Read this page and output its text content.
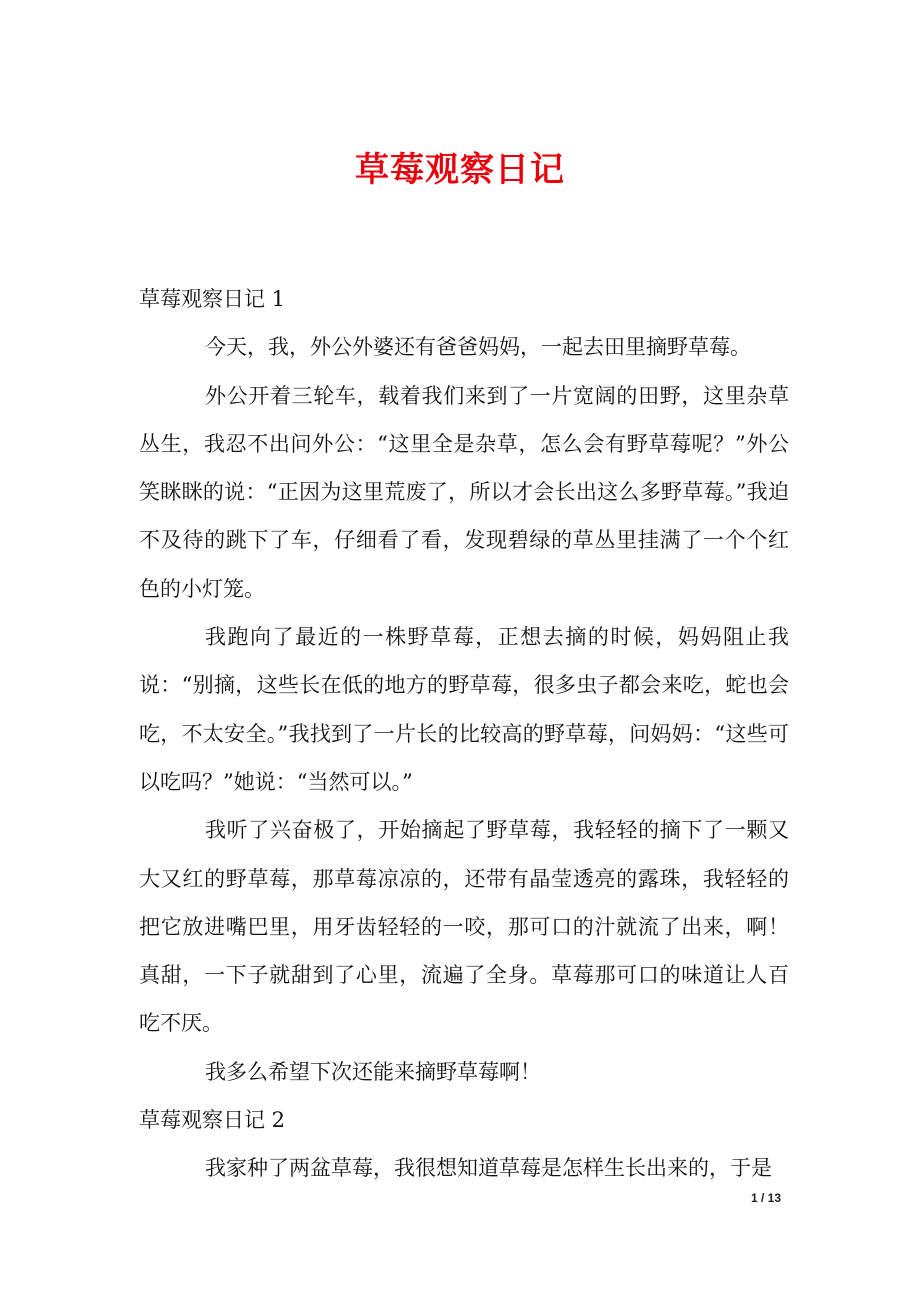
草莓观察日记

草莓观察日记 1

今天，我，外公外婆还有爸爸妈妈，一起去田里摘野草莓。

外公开着三轮车，载着我们来到了一片宽阔的田野，这里杂草丛生，我忍不出问外公：“这里全是杂草，怎么会有野草莓呢？”外公笑眯眯的说：“正因为这里荒废了，所以才会长出这么多野草莓。”我迫不及待的跳下了车，仔细看了看，发现碧绿的草丛里挂满了一个个红色的小灯笼。

我跑向了最近的一株野草莓，正想去摘的时候，妈妈阻止我说：“别摘，这些长在低的地方的野草莓，很多虫子都会来吃，蛇也会吃，不太安全。”我找到了一片长的比较高的野草莓，问妈妈：“这些可以吃吗？”她说：“当然可以。”

我听了兴奋极了，开始摘起了野草莓，我轻轻的摘下了一颗又大又红的野草莓，那草莓凉凉的，还带有晶莹透亮的露珠，我轻轻的把它放进嘴巴里，用牙齿轻轻的一咬，那可口的汁就流了出来，啊！真甜，一下子就甜到了心里，流遍了全身。草莓那可口的味道让人百吃不厌。

我多么希望下次还能来摘野草莓啊！

草莓观察日记 2

我家种了两盆草莓，我很想知道草莓是怎样生长出来的，于是

1 / 13
